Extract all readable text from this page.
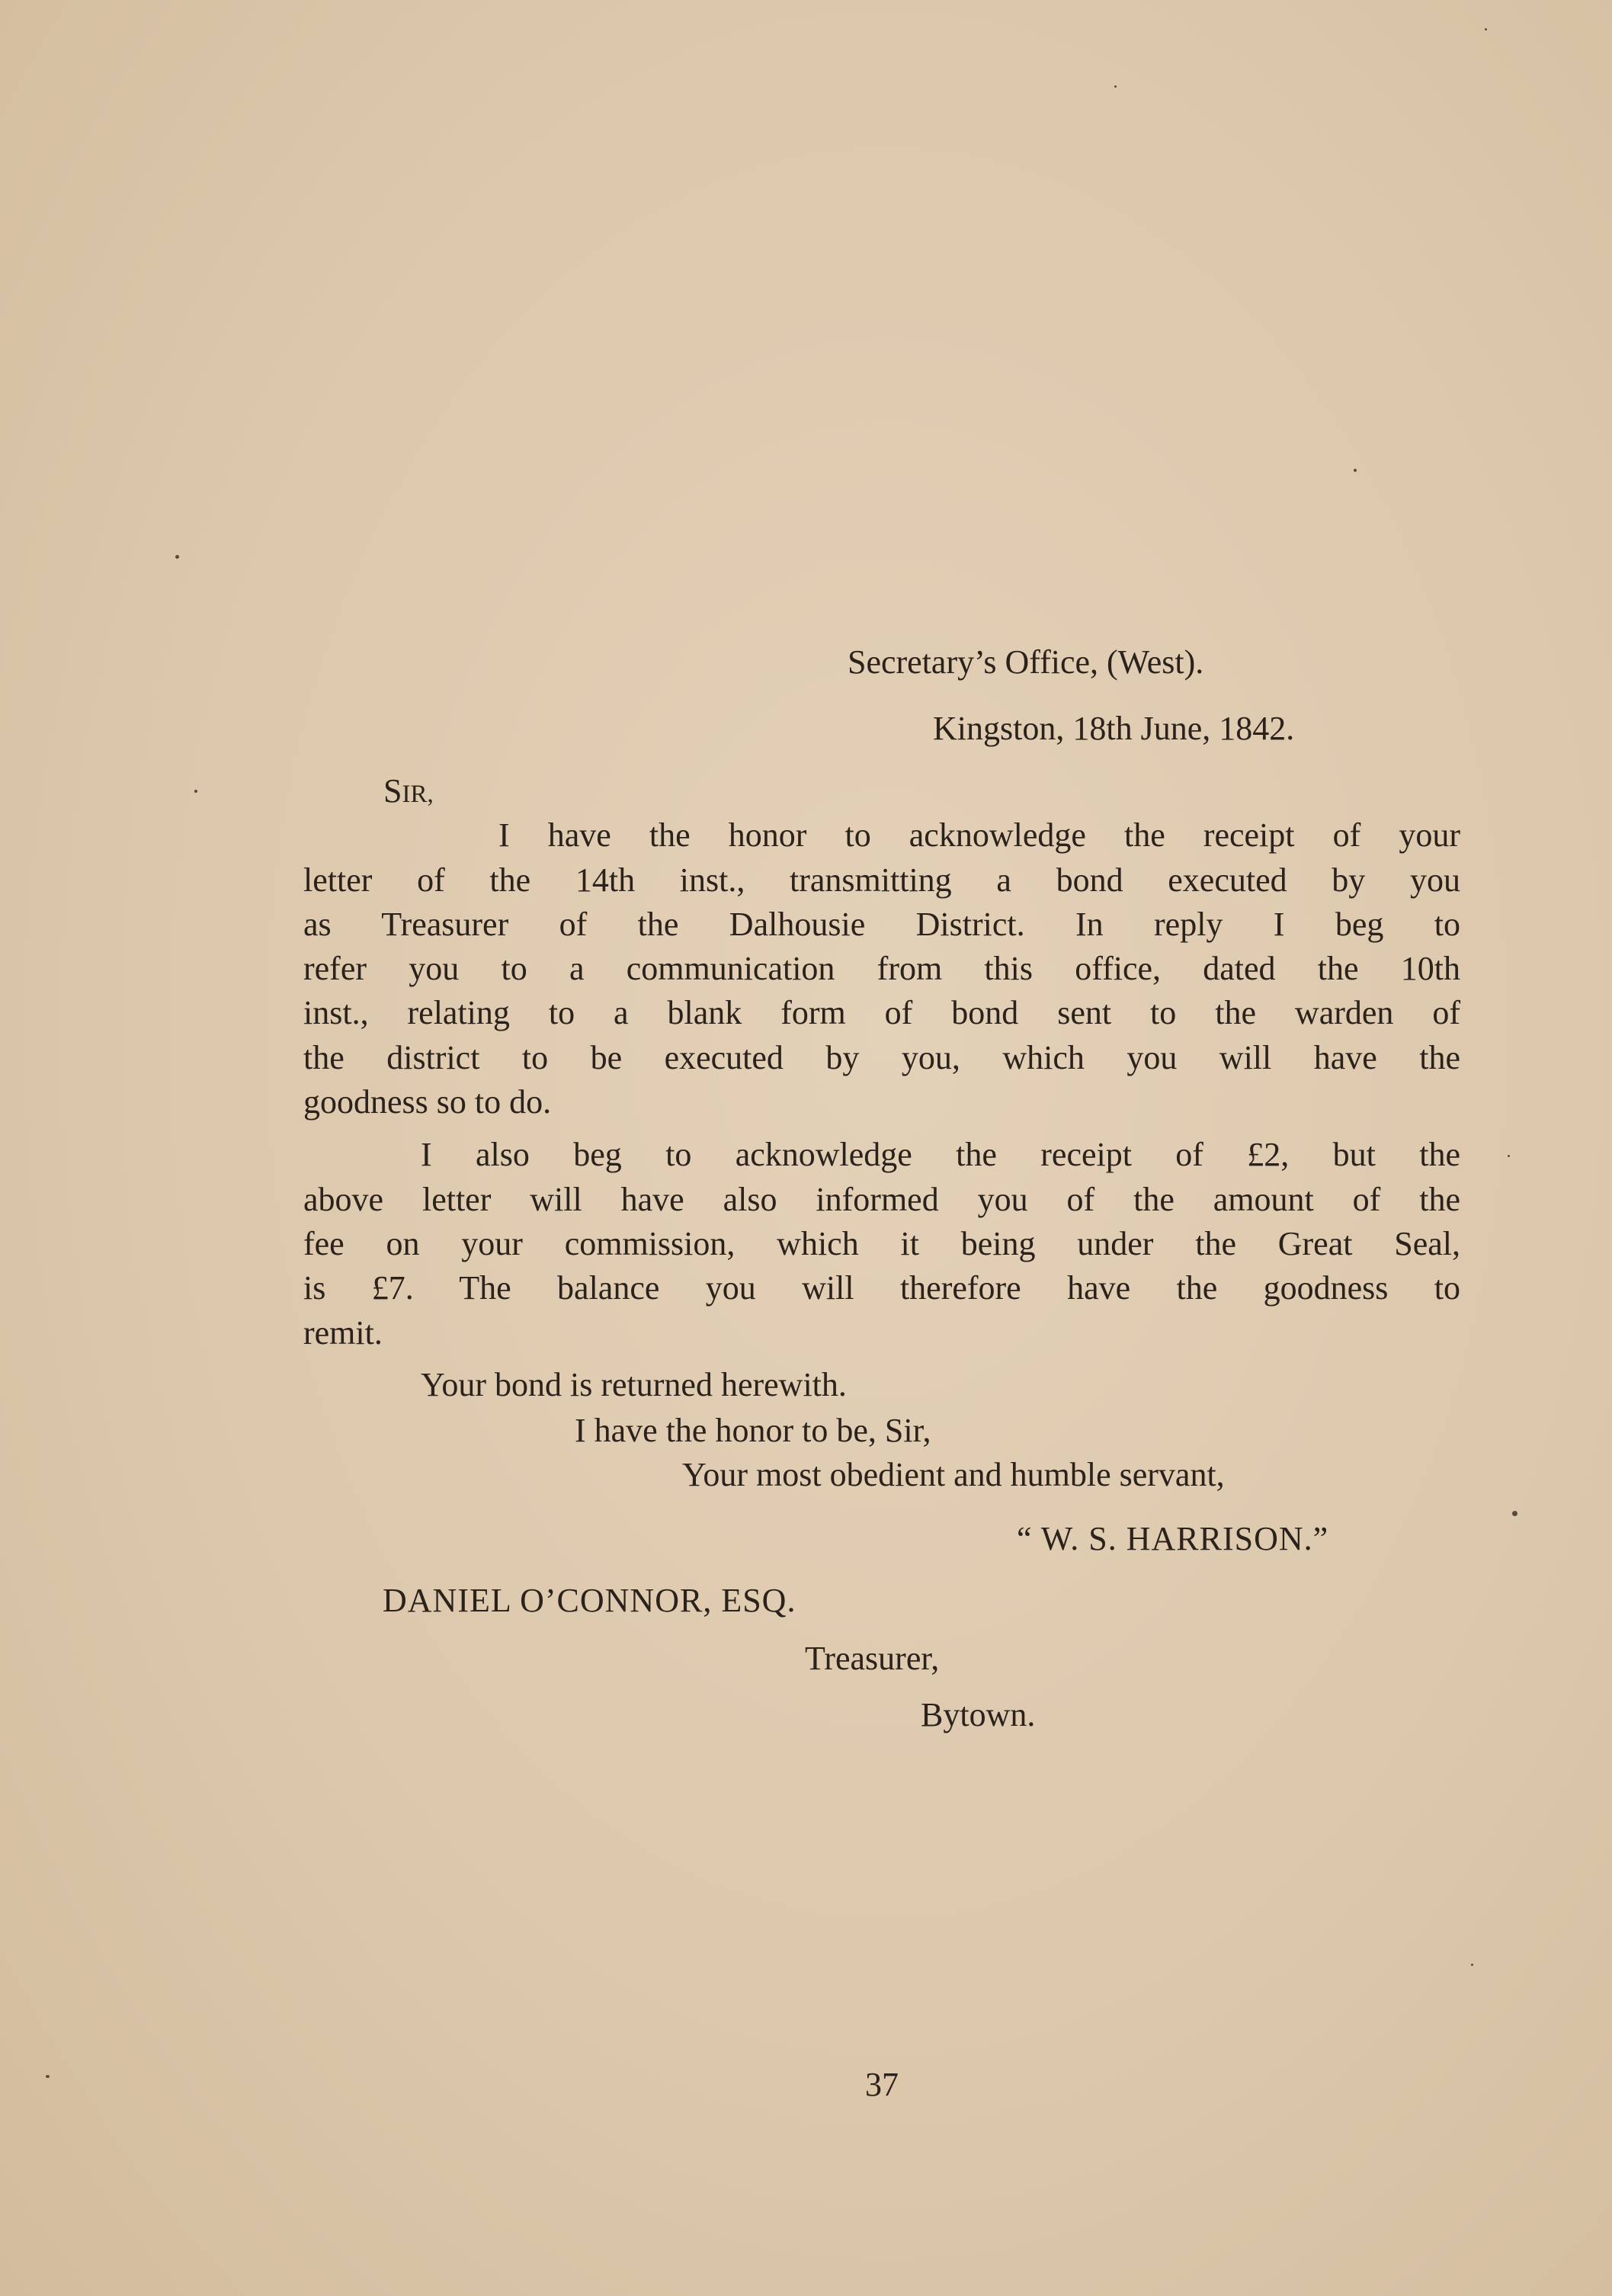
Secretary’s Office, (West).
Kingston, 18th June, 1842.
SIR,
I have the honor to acknowledge the receipt of your
letter of the 14th inst., transmitting a bond executed by you
as Treasurer of the Dalhousie District. In reply I beg to
refer you to a communication from this office, dated the 10th
inst., relating to a blank form of bond sent to the warden of
the district to be executed by you, which you will have the
goodness so to do.
I also beg to acknowledge the receipt of £2, but the
above letter will have also informed you of the amount of the
fee on your commission, which it being under the Great Seal,
is £7. The balance you will therefore have the goodness to
remit.
Your bond is returned herewith.
I have the honor to be, Sir,
Your most obedient and humble servant,
“ W. S. HARRISON.”
DANIEL O’CONNOR, ESQ.
Treasurer,
Bytown.
37
